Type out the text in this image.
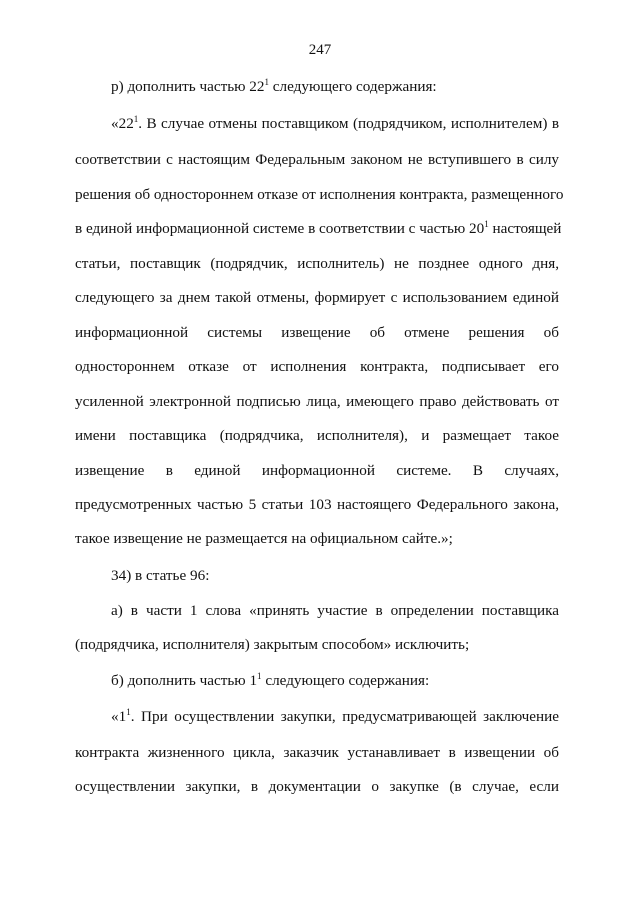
247
р) дополнить частью $22^1$ следующего содержания:
«$22^1$. В случае отмены поставщиком (подрядчиком, исполнителем) в
соответствии с настоящим Федеральным законом не вступившего в силу
решения об одностороннем отказе от исполнения контракта, размещенного
в единой информационной системе в соответствии с частью $20^1$ настоящей
статьи, поставщик (подрядчик, исполнитель) не позднее одного дня,
следующего за днем такой отмены, формирует с использованием единой
информационной системы извещение об отмене решения об
одностороннем отказе от исполнения контракта, подписывает его
усиленной электронной подписью лица, имеющего право действовать от
имени поставщика (подрядчика, исполнителя), и размещает такое
извещение в единой информационной системе. В случаях,
предусмотренных частью 5 статьи 103 настоящего Федерального закона,
такое извещение не размещается на официальном сайте.»;
34) в статье 96:
а) в части 1 слова «принять участие в определении поставщика
(подрядчика, исполнителя) закрытым способом» исключить;
б) дополнить частью $1^1$ следующего содержания:
«$1^1$. При осуществлении закупки, предусматривающей заключение
контракта жизненного цикла, заказчик устанавливает в извещении об
осуществлении закупки, в документации о закупке (в случае, если
